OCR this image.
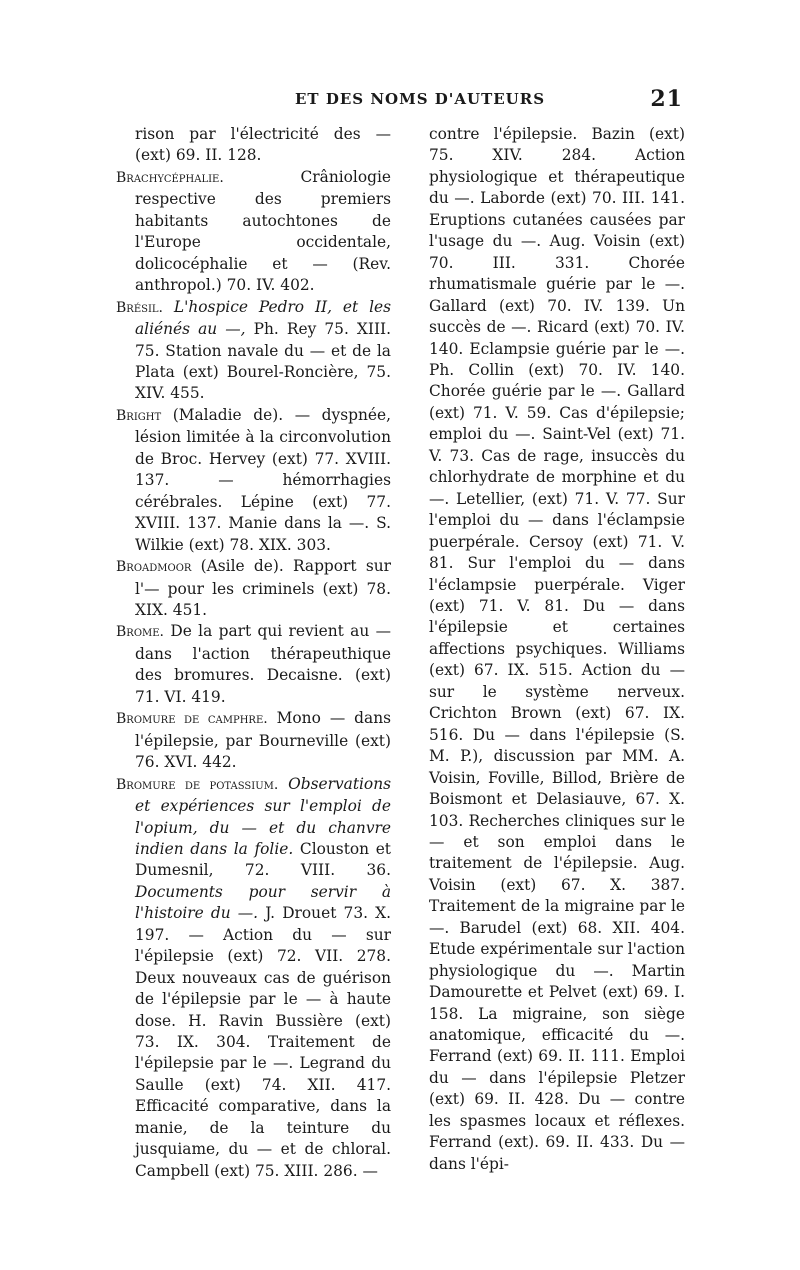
ET DES NOMS D'AUTEURS	21

rison par l'électricité des — (ext) 69. II. 128.

Brachycéphalie. Crâniologie respective des premiers habitants autochtones de l'Europe occidentale, dolicocéphalie et — (Rev. anthropol.) 70. IV. 402.

Brésil. L'hospice Pedro II, et les aliénés au —, Ph. Rey 75. XIII. 75. Station navale du — et de la Plata (ext) Bourel-Roncière, 75. XIV. 455.

Bright (Maladie de). — dyspnée, lésion limitée à la circonvolution de Broc. Hervey (ext) 77. XVIII. 137. — hémorrhagies cérébrales. Lépine (ext) 77. XVIII. 137. Manie dans la —. S. Wilkie (ext) 78. XIX. 303.

Broadmoor (Asile de). Rapport sur l'— pour les criminels (ext) 78. XIX. 451.

Brome. De la part qui revient au — dans l'action thérapeuthique des bromures. Decaisne. (ext) 71. VI. 419.

Bromure de camphre. Mono — dans l'épilepsie, par Bourneville (ext) 76. XVI. 442.

Bromure de potassium. Observations et expériences sur l'emploi de l'opium, du — et du chanvre indien dans la folie. Clouston et Dumesnil, 72. VIII. 36. Documents pour servir à l'histoire du —. J. Drouet 73. X. 197. — Action du — sur l'épilepsie (ext) 72. VII. 278. Deux nouveaux cas de guérison de l'épilepsie par le — à haute dose. H. Ravin Bussière (ext) 73. IX. 304. Traitement de l'épilepsie par le —. Legrand du Saulle (ext) 74. XII. 417. Efficacité comparative, dans la manie, de la teinture du jusquiame, du — et de chloral. Campbell (ext) 75. XIII. 286. —

contre l'épilepsie. Bazin (ext) 75. XIV. 284. Action physiologique et thérapeutique du —. Laborde (ext) 70. III. 141. Eruptions cutanées causées par l'usage du —. Aug. Voisin (ext) 70. III. 331. Chorée rhumatismale guérie par le —. Gallard (ext) 70. IV. 139. Un succès de —. Ricard (ext) 70. IV. 140. Eclampsie guérie par le —. Ph. Collin (ext) 70. IV. 140. Chorée guérie par le —. Gallard (ext) 71. V. 59. Cas d'épilepsie; emploi du —. Saint-Vel (ext) 71. V. 73. Cas de rage, insuccès du chlorhydrate de morphine et du —. Letellier, (ext) 71. V. 77. Sur l'emploi du — dans l'éclampsie puerpérale. Cersoy (ext) 71. V. 81. Sur l'emploi du — dans l'éclampsie puerpérale. Viger (ext) 71. V. 81. Du — dans l'épilepsie et certaines affections psychiques. Williams (ext) 67. IX. 515. Action du — sur le système nerveux. Crichton Brown (ext) 67. IX. 516. Du — dans l'épilepsie (S. M. P.), discussion par MM. A. Voisin, Foville, Billod, Brière de Boismont et Delasiauve, 67. X. 103. Recherches cliniques sur le — et son emploi dans le traitement de l'épilepsie. Aug. Voisin (ext) 67. X. 387. Traitement de la migraine par le —. Barudel (ext) 68. XII. 404. Etude expérimentale sur l'action physiologique du —. Martin Damourette et Pelvet (ext) 69. I. 158. La migraine, son siège anatomique, efficacité du —. Ferrand (ext) 69. II. 111. Emploi du — dans l'épilepsie Pletzer (ext) 69. II. 428. Du — contre les spasmes locaux et réflexes. Ferrand (ext). 69. II. 433. Du — dans l'épi-
